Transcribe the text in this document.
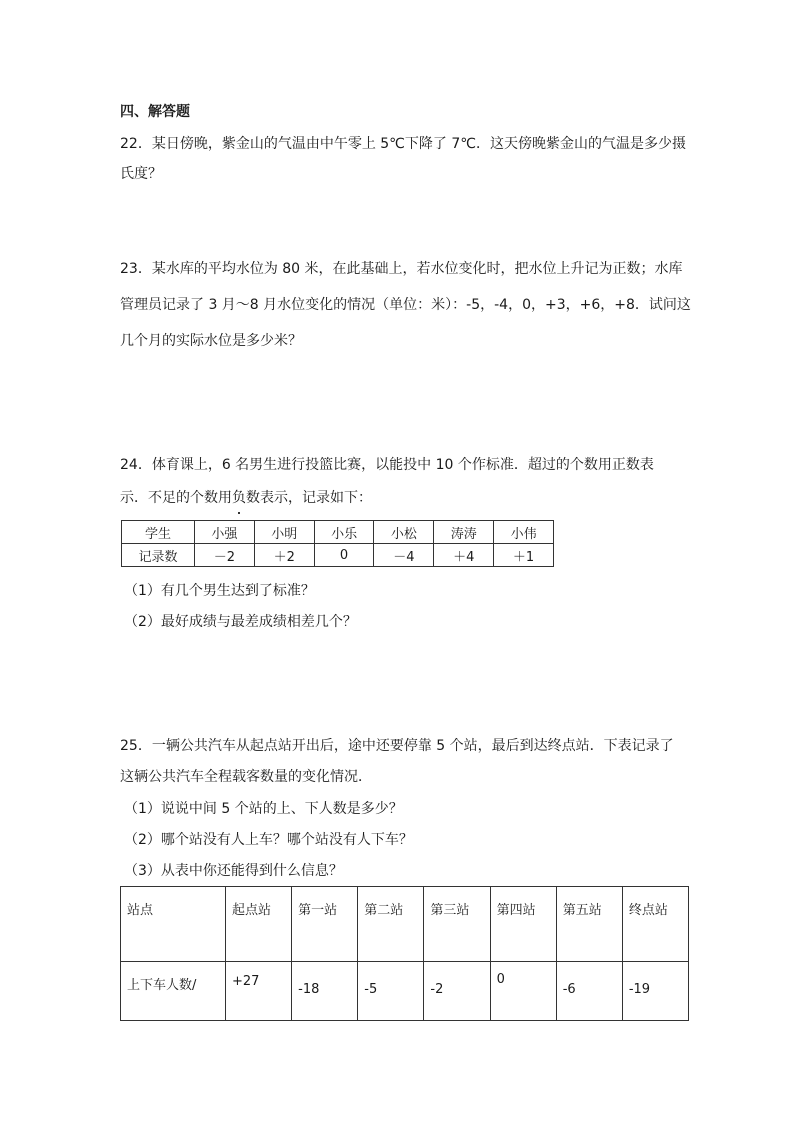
四、解答题
22．某日傍晚，紫金山的气温由中午零上 5℃下降了 7℃．这天傍晚紫金山的气温是多少摄
氏度？
23．某水库的平均水位为 80 米，在此基础上，若水位变化时，把水位上升记为正数；水库
管理员记录了 3 月～8 月水位变化的情况（单位：米）：-5，-4，0，+3，+6，+8．试问这
几个月的实际水位是多少米？
24．体育课上，6 名男生进行投篮比赛，以能投中 10 个作标准．超过的个数用正数表
示．不足的个数用负数表示，记录如下：
学生	小强	小明	小乐	小松	涛涛	小伟
记录数	－2	＋2	0	－4	＋4	＋1
（1）有几个男生达到了标准？
（2）最好成绩与最差成绩相差几个？
25．一辆公共汽车从起点站开出后，途中还要停靠 5 个站，最后到达终点站．下表记录了
这辆公共汽车全程载客数量的变化情况．
（1）说说中间 5 个站的上、下人数是多少？
（2）哪个站没有人上车？哪个站没有人下车？
（3）从表中你还能得到什么信息？
站点	起点站	第一站	第二站	第三站	第四站	第五站	终点站
上下车人数/	+27	-18	-5	-2	0	-6	-19
